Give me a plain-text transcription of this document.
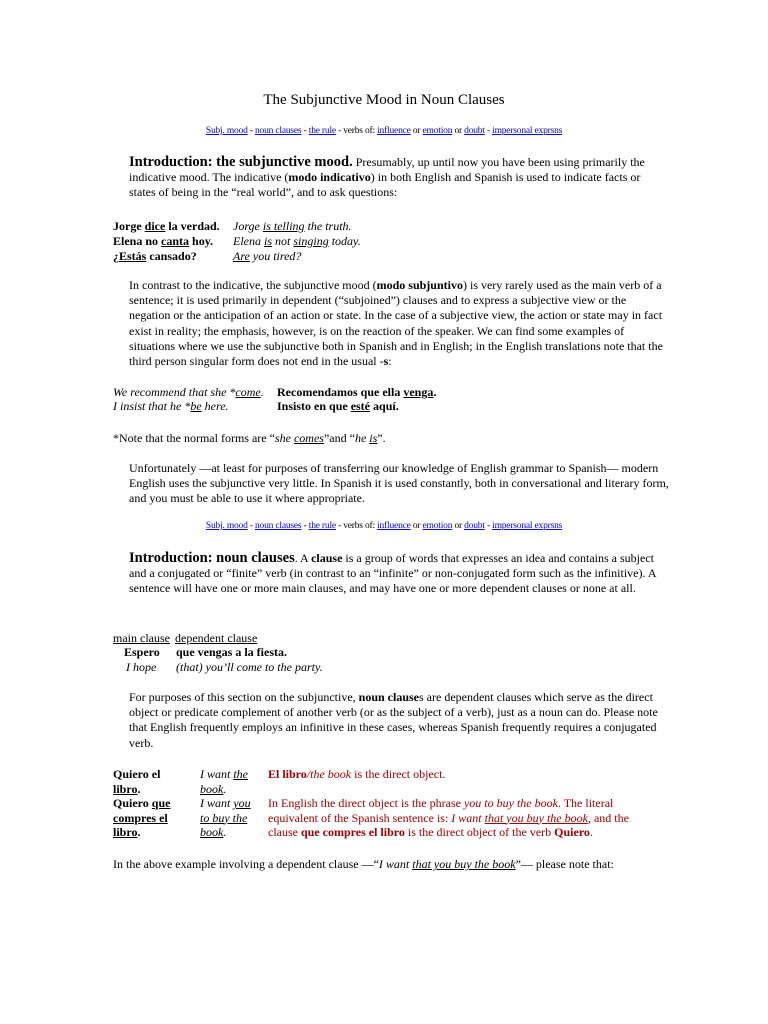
The Subjunctive Mood in Noun Clauses
Subj. mood - noun clauses - the rule - verbs of: influence or emotion or doubt - impersonal exprsns
Subj. mood - noun clauses - the rule - verbs of: influence or emotion or doubt - impersonal exprsns

Introduction: the subjunctive mood. Presumably, up until now you have been using primarily the indicative mood. The indicative (modo indicativo) in both English and Spanish is used to indicate facts or states of being in the “real world”, and to ask questions:

Jorge dice la verdad. Jorge is telling the truth.
Elena no canta hoy. Elena is not singing today.
¿Estás cansado?	Are you tired?

In contrast to the indicative, the subjunctive mood (modo subjuntivo) is very rarely used as the main verb of a sentence; it is used primarily in dependent (“subjoined”) clauses and to express a subjective view or the negation or the anticipation of an action or state. In the case of a subjective view, the action or state may in fact exist in reality; the emphasis, however, is on the reaction of the speaker. We can find some examples of situations where we use the subjunctive both in Spanish and in English; in the English translations note that the third person singular form does not end in the usual -s:

We recommend that she *come. Recomendamos que ella venga.
I insist that he *be here.	Insisto en que esté aquí.
*Note that the normal forms are “she comes”and “he is”.

Unfortunately —at least for purposes of transferring our knowledge of English grammar to Spanish— modern English uses the subjunctive very little. In Spanish it is used constantly, both in conversational and literary form, and you must be able to use it where appropriate.

Introduction: noun clauses. A clause is a group of words that expresses an idea and contains a subject and a conjugated or “finite” verb (in contrast to an “infinite” or non-conjugated form such as the infinitive). A sentence will have one or more main clauses, and may have one or more dependent clauses or none at all.

main clause dependent clause
Espero que vengas a la fiesta.
I hope (that) you’ll come to the party.

For purposes of this section on the subjunctive, noun clauses are dependent clauses which serve as the direct object or predicate complement of another verb (or as the subject of a verb), just as a noun can do. Please note that English frequently employs an infinitive in these cases, whereas Spanish frequently requires a conjugated verb.

Quiero el libro.
I want the book.
El libro/the book is the direct object.
Quiero que compres el libro.
I want you to buy the book.
In English the direct object is the phrase you to buy the book. The literal equivalent of the Spanish sentence is: I want that you buy the book, and the clause que compres el libro is the direct object of the verb Quiero.
In the above example involving a dependent clause —“I want that you buy the book”— please note that:
